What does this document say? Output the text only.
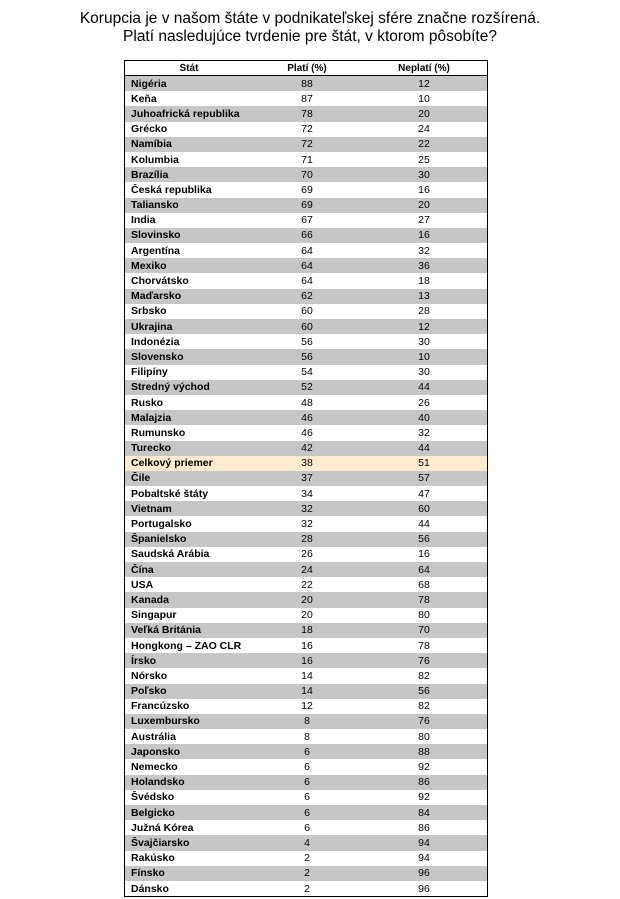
Korupcia je v našom štáte v podnikateľskej sfére značne rozšírená.
Platí nasledujúce tvrdenie pre štát, v ktorom pôsobíte?
Štát	Platí (%)	Neplatí (%)
Nigéria	88	12
Keňa	87	10
Juhoafrická republika	78	20
Grécko	72	24
Namíbia	72	22
Kolumbia	71	25
Brazília	70	30
Česká republika	69	16
Taliansko	69	20
India	67	27
Slovinsko	66	16
Argentína	64	32
Mexiko	64	36
Chorvátsko	64	18
Maďarsko	62	13
Srbsko	60	28
Ukrajina	60	12
Indonézia	56	30
Slovensko	56	10
Filipíny	54	30
Stredný východ	52	44
Rusko	48	26
Malajzia	46	40
Rumunsko	46	32
Turecko	42	44
Celkový priemer	38	51
Čile	37	57
Pobaltské štáty	34	47
Vietnam	32	60
Portugalsko	32	44
Španielsko	28	56
Saudská Arábia	26	16
Čína	24	64
USA	22	68
Kanada	20	78
Singapur	20	80
Veľká Británia	18	70
Hongkong – ZAO CLR	16	78
Írsko	16	76
Nórsko	14	82
Poľsko	14	56
Francúzsko	12	82
Luxembursko	8	76
Austrália	8	80
Japonsko	6	88
Nemecko	6	92
Holandsko	6	86
Švédsko	6	92
Belgicko	6	84
Južná Kórea	6	86
Švajčiarsko	4	94
Rakúsko	2	94
Fínsko	2	96
Dánsko	2	96
